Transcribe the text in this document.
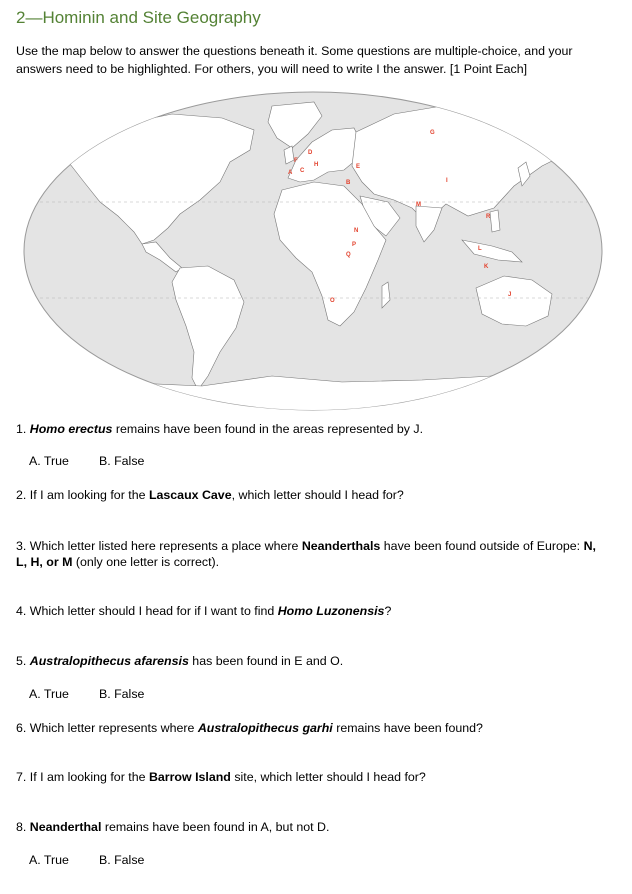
2—Hominin and Site Geography
Use the map below to answer the questions beneath it. Some questions are multiple-choice, and your answers need to be highlighted. For others, you will need to write I the answer. [1 Point Each]
A
B
C
D
E
F
G
H
I
J
K
L
M
N
O
P
Q
R
1. Homo erectus remains have been found in the areas represented by J.
A. True B. False
2. If I am looking for the Lascaux Cave, which letter should I head for?
3. Which letter listed here represents a place where Neanderthals have been found outside of Europe: N, L, H, or M (only one letter is correct).
4. Which letter should I head for if I want to find Homo Luzonensis?
5. Australopithecus afarensis has been found in E and O.
A. True B. False
6. Which letter represents where Australopithecus garhi remains have been found?
7. If I am looking for the Barrow Island site, which letter should I head for?
8. Neanderthal remains have been found in A, but not D.
A. True B. False
